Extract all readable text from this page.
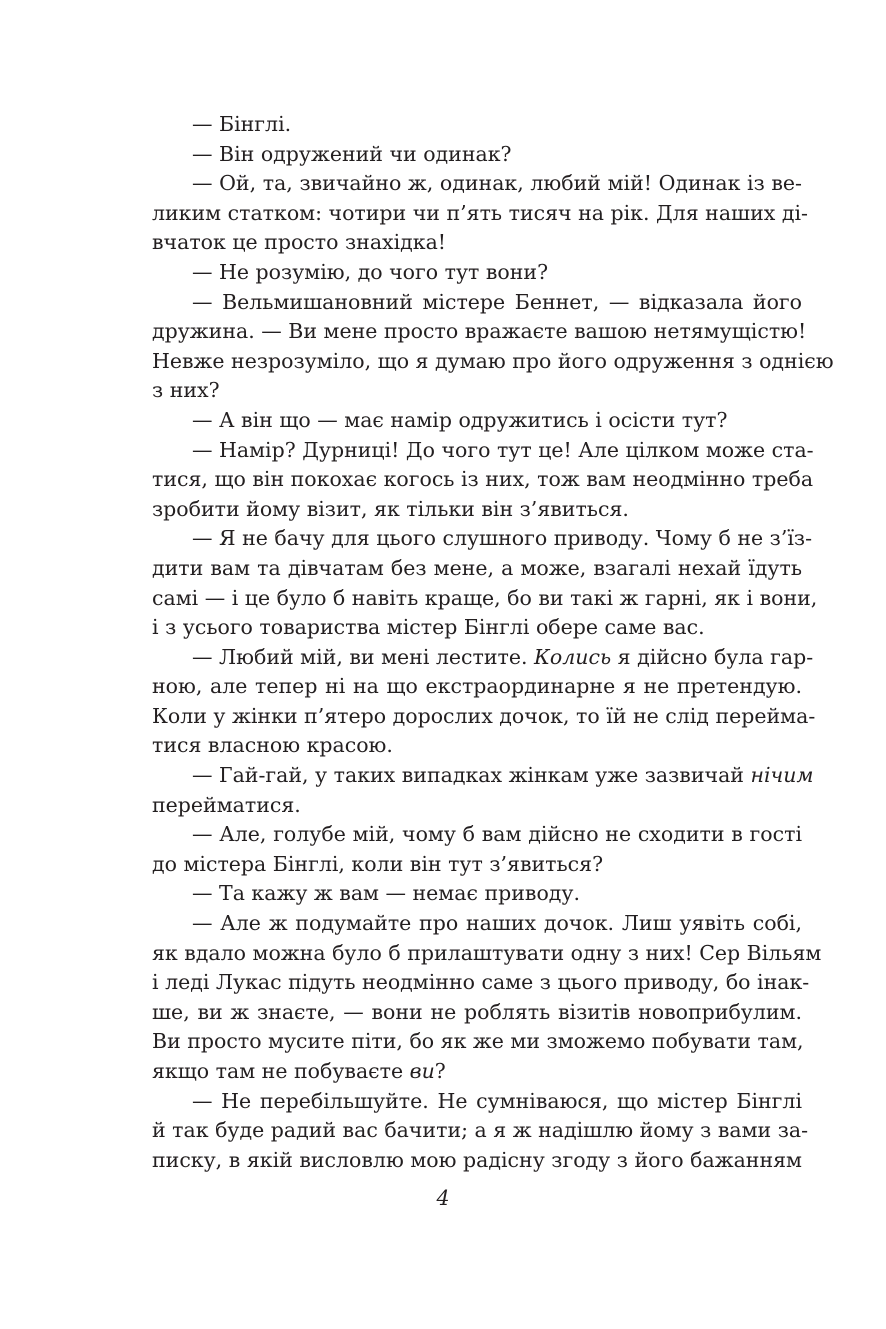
— Бінглі.
— Він одружений чи одинак?
— Ой, та, звичайно ж, одинак, любий мій! Одинак із ве-
ликим статком: чотири чи п’ять тисяч на рік. Для наших ді-
вчаток це просто знахідка!
— Не розумію, до чого тут вони?
— Вельмишановний містере Беннет, — відказала його
дружина. — Ви мене просто вражаєте вашою нетямущістю!
Невже незрозуміло, що я думаю про його одруження з однією
з них?
— А він що — має намір одружитись і осісти тут?
— Намір? Дурниці! До чого тут це! Але цілком може ста-
тися, що він покохає когось із них, тож вам неодмінно треба
зробити йому візит, як тільки він з’явиться.
— Я не бачу для цього слушного приводу. Чому б не з’їз-
дити вам та дівчатам без мене, а може, взагалі нехай їдуть
самі — і це було б навіть краще, бо ви такі ж гарні, як і вони,
і з усього товариства містер Бінглі обере саме вас.
— Любий мій, ви мені лестите. Колись я дійсно була гар-
ною, але тепер ні на що екстраординарне я не претендую.
Коли у жінки п’ятеро дорослих дочок, то їй не слід перейма-
тися власною красою.
— Гай-гай, у таких випадках жінкам уже зазвичай нічим
перейматися.
— Але, голубе мій, чому б вам дійсно не сходити в гості
до містера Бінглі, коли він тут з’явиться?
— Та кажу ж вам — немає приводу.
— Але ж подумайте про наших дочок. Лиш уявіть собі,
як вдало можна було б прилаштувати одну з них! Сер Вільям
і леді Лукас підуть неодмінно саме з цього приводу, бо інак-
ше, ви ж знаєте, — вони не роблять візитів новоприбулим.
Ви просто мусите піти, бо як же ми зможемо побувати там,
якщо там не побуваєте ви?
— Не перебільшуйте. Не сумніваюся, що містер Бінглі
й так буде радий вас бачити; а я ж надішлю йому з вами за-
писку, в якій висловлю мою радісну згоду з його бажанням
4
